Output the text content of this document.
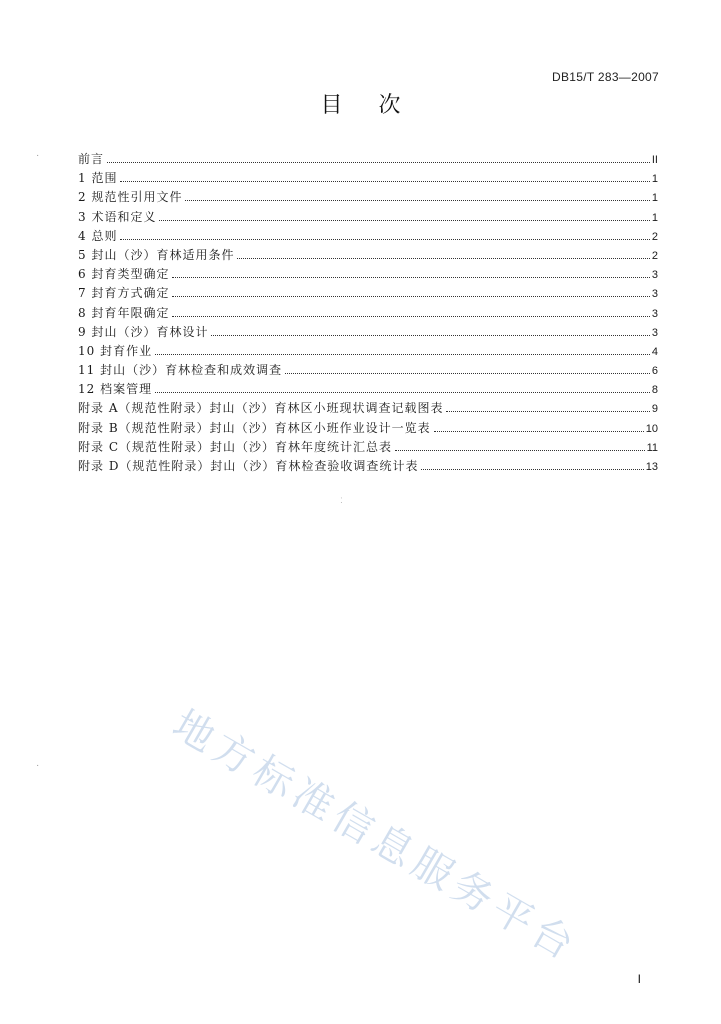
DB15/T 283—2007
目次
前言	II
1 范围	1
2 规范性引用文件	1
3 术语和定义	1
4 总则	2
5 封山（沙）育林适用条件	2
6 封育类型确定	3
7 封育方式确定	3
8 封育年限确定	3
9 封山（沙）育林设计	3
10 封育作业	4
11 封山（沙）育林检查和成效调查	6
12 档案管理	8
附录 A（规范性附录）封山（沙）育林区小班现状调查记载图表	9
附录 B（规范性附录）封山（沙）育林区小班作业设计一览表	10
附录 C（规范性附录）封山（沙）育林年度统计汇总表	11
附录 D（规范性附录）封山（沙）育林检查验收调查统计表	13
ː
·
·	地方标准信息服务平台
I
